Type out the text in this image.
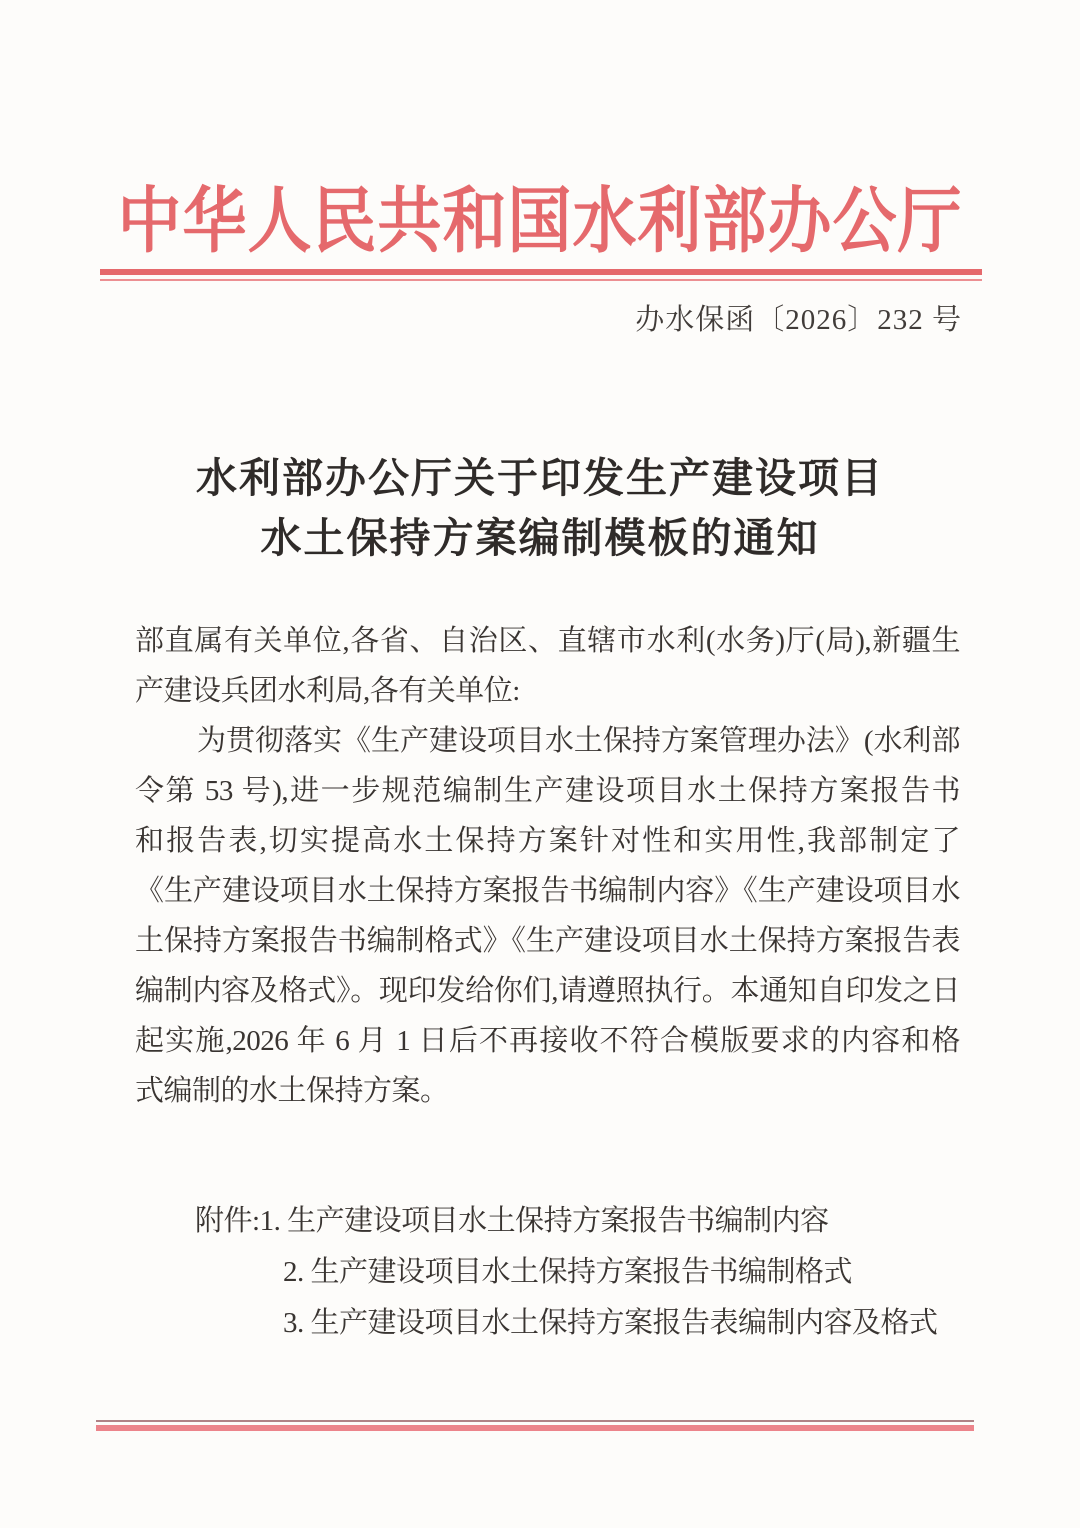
中华人民共和国水利部办公厅
办水保函〔2026〕232 号
水利部办公厅关于印发生产建设项目
水土保持方案编制模板的通知
部直属有关单位,各省、自治区、直辖市水利(水务)厅(局),新疆生
产建设兵团水利局,各有关单位:
为贯彻落实《生产建设项目水土保持方案管理办法》(水利部
令第 53 号),进一步规范编制生产建设项目水土保持方案报告书
和报告表,切实提高水土保持方案针对性和实用性,我部制定了
《生产建设项目水土保持方案报告书编制内容》《生产建设项目水
土保持方案报告书编制格式》《生产建设项目水土保持方案报告表
编制内容及格式》。现印发给你们,请遵照执行。本通知自印发之日
起实施,2026 年 6 月 1 日后不再接收不符合模版要求的内容和格
式编制的水土保持方案。
附件:1. 生产建设项目水土保持方案报告书编制内容
2. 生产建设项目水土保持方案报告书编制格式
3. 生产建设项目水土保持方案报告表编制内容及格式
